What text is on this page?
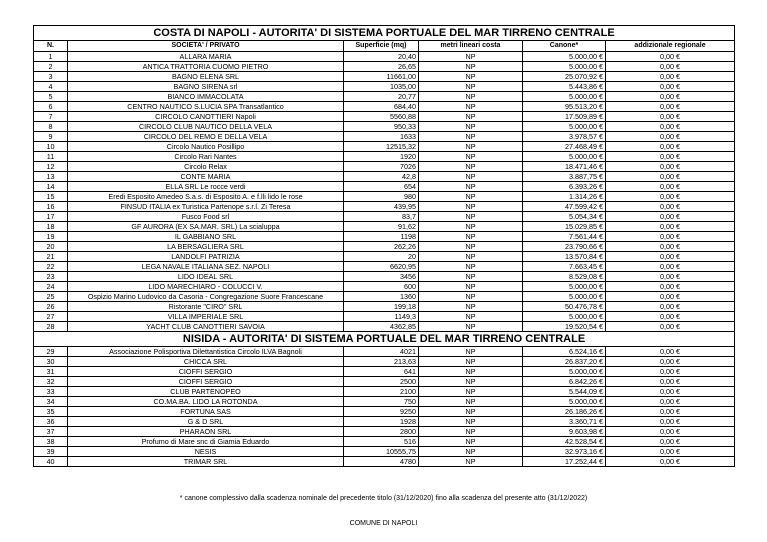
COSTA DI NAPOLI - AUTORITA' DI SISTEMA PORTUALE DEL MAR TIRRENO CENTRALE					
N.	SOCIETA' / PRIVATO	Superficie (mq)	metri lineari costa	Canone*	addizionale regionale
1	ALLARA MARIA	20,40	NP	5.000,00 €	0,00 €
2	ANTICA TRATTORIA CUOMO PIETRO	26,65	NP	5.000,00 €	0,00 €
3	BAGNO ELENA SRL	11661,00	NP	25.070,92 €	0,00 €
4	BAGNO SIRENA srl	1035,00	NP	5.443,86 €	0,00 €
5	BIANCO IMMACOLATA	20,77	NP	5.000,00 €	0,00 €
6	CENTRO NAUTICO S.LUCIA SPA Transatlantico	684,40	NP	95.513,20 €	0,00 €
7	CIRCOLO CANOTTIERI Napoli	5560,88	NP	17.509,89 €	0,00 €
8	CIRCOLO CLUB NAUTICO DELLA VELA	950,33	NP	5.000,00 €	0,00 €
9	CIRCOLO DEL REMO E DELLA VELA	1633	NP	3.978,57 €	0,00 €
10	Circolo Nautico Posillipo	12515,32	NP	27.468,49 €	0,00 €
11	Circolo Rari Nantes	1920	NP	5.000,00 €	0,00 €
12	Circolo Relax	7026	NP	18.471,46 €	0,00 €
13	CONTE MARIA	42,8	NP	3.887,75 €	0,00 €
14	ELLA SRL Le rocce verdi	654	NP	6.393,26 €	0,00 €
15	Eredi Esposito Amedeo S.a.s. di Esposito A. e f.lli lido le rose	980	NP	1.314,26 €	0,00 €
16	FINSUD ITALIA ex Turistica Partenope s.r.l. Zi Teresa	439,95	NP	47.599,42 €	0,00 €
17	Fusco Food srl	83,7	NP	5.054,34 €	0,00 €
18	GF AURORA (EX SA.MAR. SRL) La scialuppa	91,62	NP	15.029,85 €	0,00 €
19	IL GABBIANO SRL	1198	NP	7.561,44 €	0,00 €
20	LA BERSAGLIERA SRL	262,26	NP	23.790,66 €	0,00 €
21	LANDOLFI PATRIZIA	20	NP	13.570,84 €	0,00 €
22	LEGA NAVALE ITALIANA SEZ. NAPOLI	6620,95	NP	7.663,45 €	0,00 €
23	LIDO IDEAL SRL	3456	NP	8.529,08 €	0,00 €
24	LIDO MARECHIARO - COLUCCI V.	600	NP	5.000,00 €	0,00 €
25	Ospizio Marino Ludovico da Casoria - Congregazione Suore Francescane	1360	NP	5.000,00 €	0,00 €
26	Ristorante "CIRO" SRL	199,18	NP	50.476,78 €	0,00 €
27	VILLA IMPERIALE SRL	1149,3	NP	5.000,00 €	0,00 €
28	YACHT CLUB CANOTTIERI SAVOIA	4362,85	NP	19.520,54 €	0,00 €
NISIDA - AUTORITA' DI SISTEMA PORTUALE DEL MAR TIRRENO CENTRALE					
29	Associazione Polisportiva Dilettantistica Circolo ILVA Bagnoli	4021	NP	6.524,16 €	0,00 €
30	CHICCA SRL	213,63	NP	26.837,20 €	0,00 €
31	CIOFFI SERGIO	641	NP	5.000,00 €	0,00 €
32	CIOFFI SERGIO	2500	NP	6.842,26 €	0,00 €
33	CLUB PARTENOPEO	2100	NP	5.544,09 €	0,00 €
34	CO.MA.BA. LIDO LA ROTONDA	750	NP	5.000,00 €	0,00 €
35	FORTUNA SAS	9250	NP	26.186,26 €	0,00 €
36	G & D SRL	1928	NP	3.360,71 €	0,00 €
37	PHARAON SRL	2800	NP	9.603,98 €	0,00 €
38	Profumo di Mare snc di Giamia Eduardo	516	NP	42.528,54 €	0,00 €
39	NESIS	10555,75	NP	32.973,16 €	0,00 €
40	TRIMAR SRL	4780	NP	17.252,44 €	0,00 €
* canone complessivo dalla scadenza nominale del precedente titolo (31/12/2020) fino alla scadenza del presente atto (31/12/2022)
COMUNE DI NAPOLI
